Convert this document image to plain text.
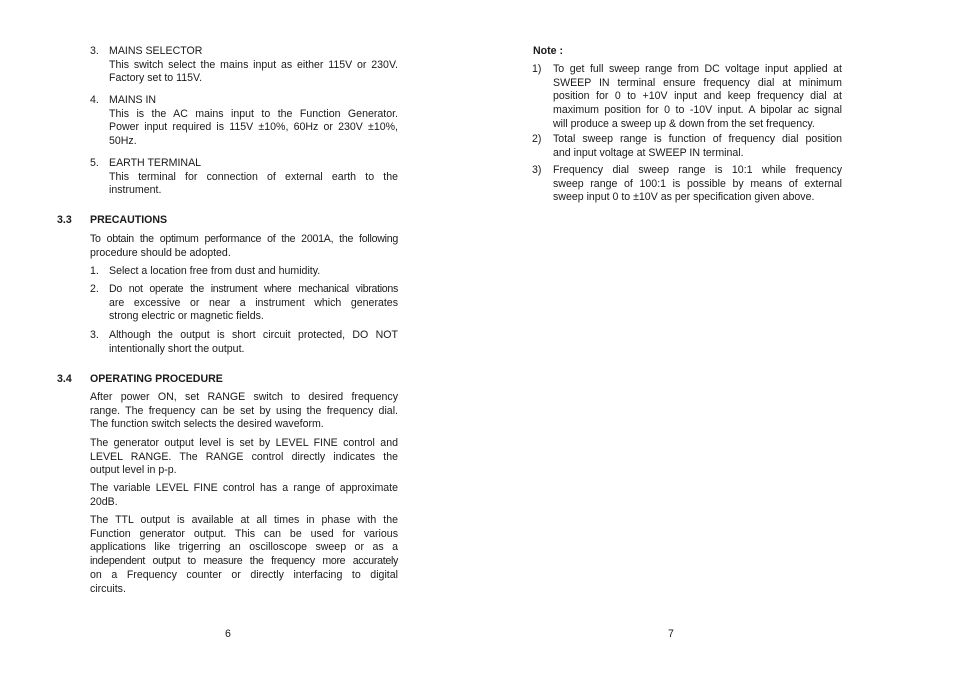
3. MAINS SELECTOR
This switch select the mains input as either 115V or 230V.
Factory set to 115V.
4. MAINS IN
This is the AC mains input to the Function Generator.
Power input required is 115V ±10%, 60Hz or 230V ±10%,
50Hz.
5. EARTH TERMINAL
This terminal for connection of external earth to the
instrument.
3.3 PRECAUTIONS
To obtain the optimum performance of the 2001A, the following
procedure should be adopted.
1. Select a location free from dust and humidity.
2. Do not operate the instrument where mechanical vibrations
are excessive or near a instrument which generates
strong electric or magnetic fields.
3. Although the output is short circuit protected, DO NOT
intentionally short the output.
3.4 OPERATING PROCEDURE
After power ON, set RANGE switch to desired frequency
range. The frequency can be set by using the frequency dial.
The function switch selects the desired waveform.
The generator output level is set by LEVEL FINE control and
LEVEL RANGE. The RANGE control directly indicates the
output level in p-p.
The variable LEVEL FINE control has a range of approximate
20dB.
The TTL output is available at all times in phase with the
Function generator output. This can be used for various
applications like trigerring an oscilloscope sweep or as a
independent output to measure the frequency more accurately
on a Frequency counter or directly interfacing to digital
circuits.
6
Note :
1) To get full sweep range from DC voltage input applied at
SWEEP IN terminal ensure frequency dial at minimum
position for 0 to +10V input and keep frequency dial at
maximum position for 0 to -10V input. A bipolar ac signal
will produce a sweep up & down from the set frequency.
2) Total sweep range is function of frequency dial position
and input voltage at SWEEP IN terminal.
3) Frequency dial sweep range is 10:1 while frequency
sweep range of 100:1 is possible by means of external
sweep input 0 to ±10V as per specification given above.
7
